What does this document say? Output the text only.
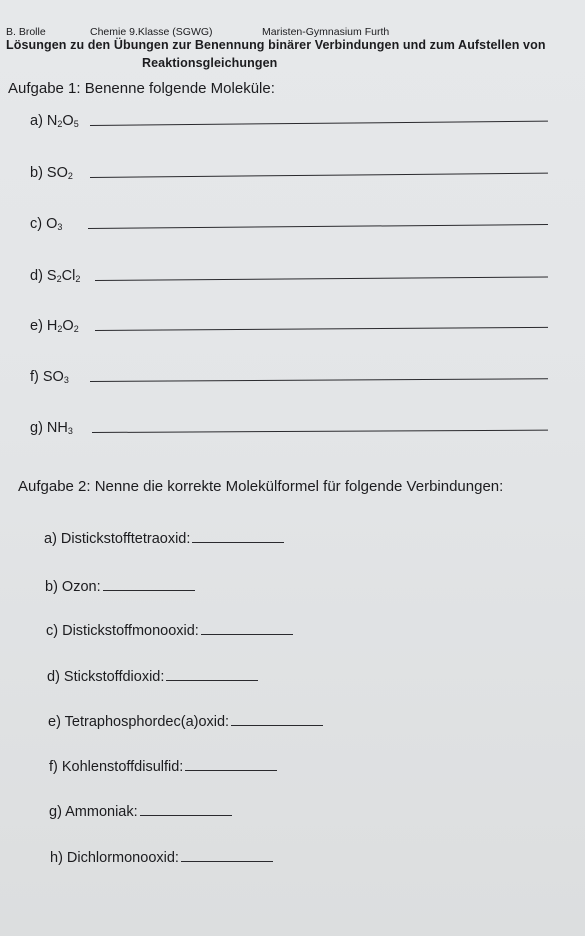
B. Brolle	Chemie 9.Klasse (SGWG)	Maristen-Gymnasium Furth
Lösungen zu den Übungen zur Benennung binärer Verbindungen und zum Aufstellen von
Reaktionsgleichungen
Aufgabe 1: Benenne folgende Moleküle:
a) $N_2O_5$
b) $SO_2$
c) $O_3$
d) $S_2Cl_2$
e) $H_2O_2$
f) $SO_3$
g) $NH_3$
Aufgabe 2: Nenne die korrekte Molekülformel für folgende Verbindungen:
a) Distickstofftetraoxid:
b) Ozon:
c) Distickstoffmonooxid:
d) Stickstoffdioxid:
e) Tetraphosphordec(a)oxid:
f) Kohlenstoffdisulfid:
g) Ammoniak:
h) Dichlormonooxid:
